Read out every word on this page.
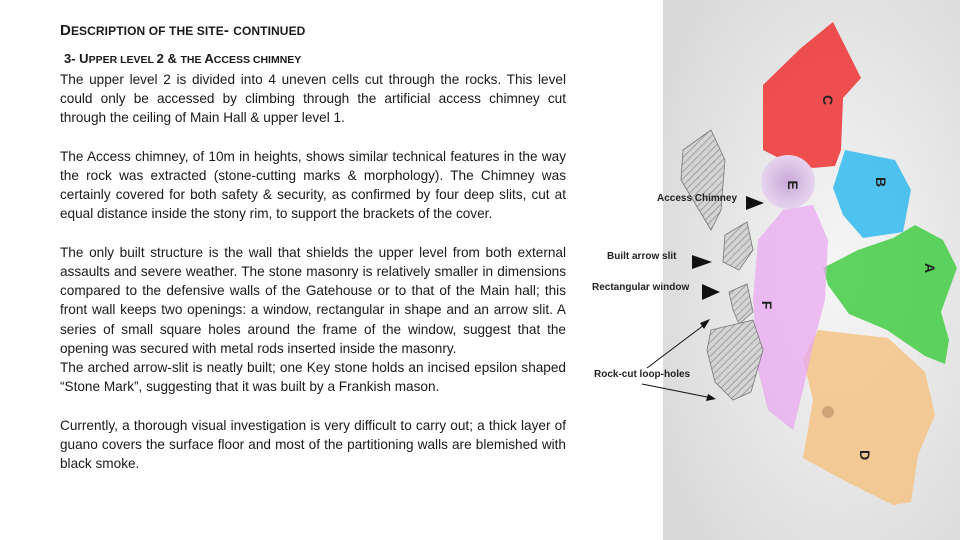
DESCRIPTION OF THE SITE- CONTINUED
3- UPPER LEVEL 2 & THE ACCESS CHIMNEY

The upper level 2 is divided into 4 uneven cells cut through the rocks. This level could only be accessed by climbing through the artificial access chimney cut through the ceiling of Main Hall & upper level 1.

The Access chimney, of 10m in heights, shows similar technical features in the way the rock was extracted (stone-cutting marks & morphology). The Chimney was certainly covered for both safety & security, as confirmed by four deep slits, cut at equal distance inside the stony rim, to support the brackets of the cover.

The only built structure is the wall that shields the upper level from both external assaults and severe weather. The stone masonry is relatively smaller in dimensions compared to the defensive walls of the Gatehouse or to that of the Main hall; this front wall keeps two openings: a window, rectangular in shape and an arrow slit. A series of small square holes around the frame of the window, suggest that the opening was secured with metal rods inserted inside the masonry.

The arched arrow-slit is neatly built; one Key stone holds an incised epsilon shaped “Stone Mark”, suggesting that it was built by a Frankish mason.

Currently, a thorough visual investigation is very difficult to carry out; a thick layer of guano covers the surface floor and most of the partitioning walls are blemished with black smoke.

C
B
A
D
E
F
Access Chimney
Built arrow slit
Rectangular window
Rock-cut loop-holes
